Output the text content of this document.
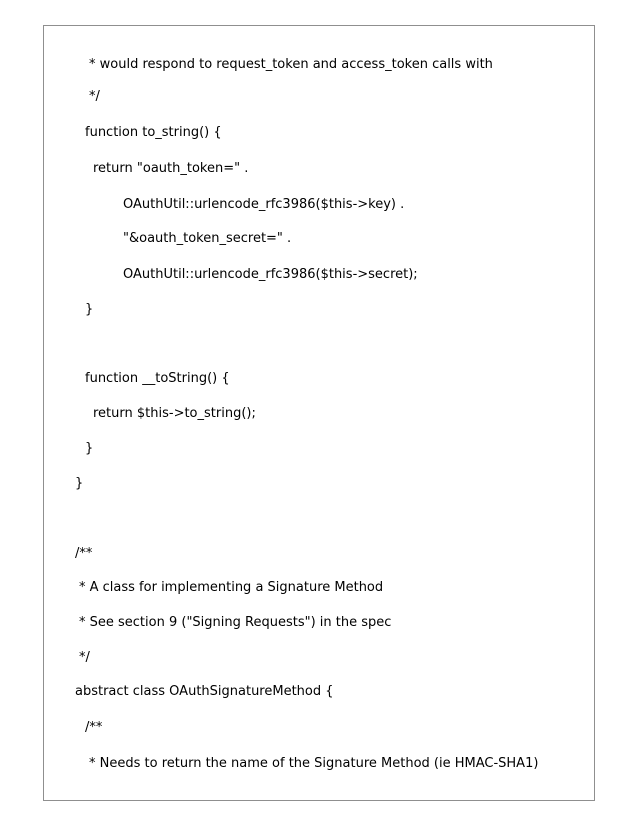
* would respond to request_token and access_token calls with
*/
function to_string() {
return "oauth_token=" .
OAuthUtil::urlencode_rfc3986($this->key) .
"&oauth_token_secret=" .
OAuthUtil::urlencode_rfc3986($this->secret);
}
function __toString() {
return $this->to_string();
}
}
/**
* A class for implementing a Signature Method
* See section 9 ("Signing Requests") in the spec
*/
abstract class OAuthSignatureMethod {
/**
* Needs to return the name of the Signature Method (ie HMAC-SHA1)
